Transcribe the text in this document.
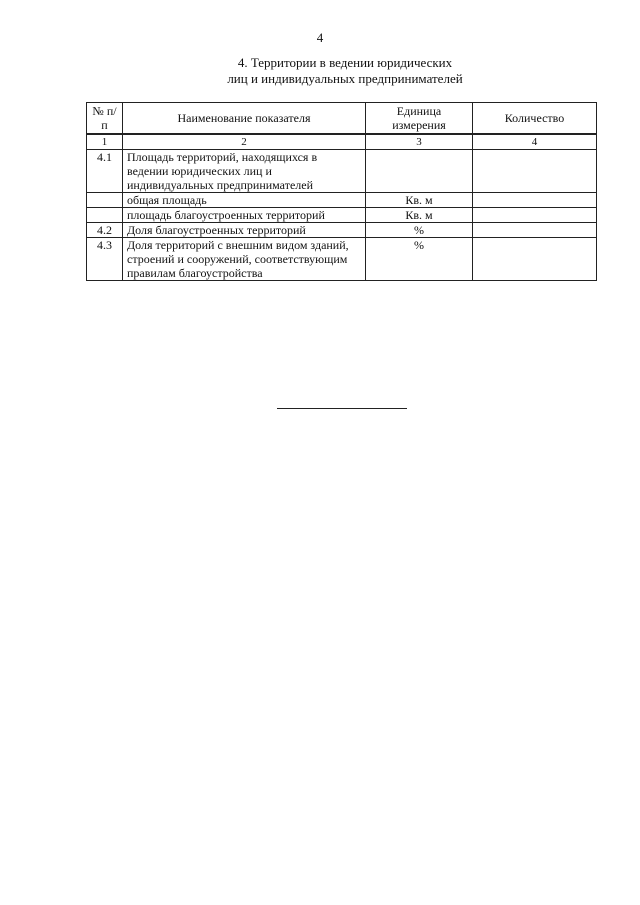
4
4. Территории в ведении юридических
лиц и индивидуальных предпринимателей
№ п/п	Наименование показателя	Единица измерения	Количество

1	2	3	4
4.1	Площадь территорий, находящихся в ведении юридических лиц и индивидуальных предпринимателей		
	общая площадь	Кв. м	
	площадь благоустроенных территорий	Кв. м	
4.2	Доля благоустроенных территорий	%	
4.3	Доля территорий с внешним видом зданий, строений и сооружений, соответствующим правилам благоустройства	%	
